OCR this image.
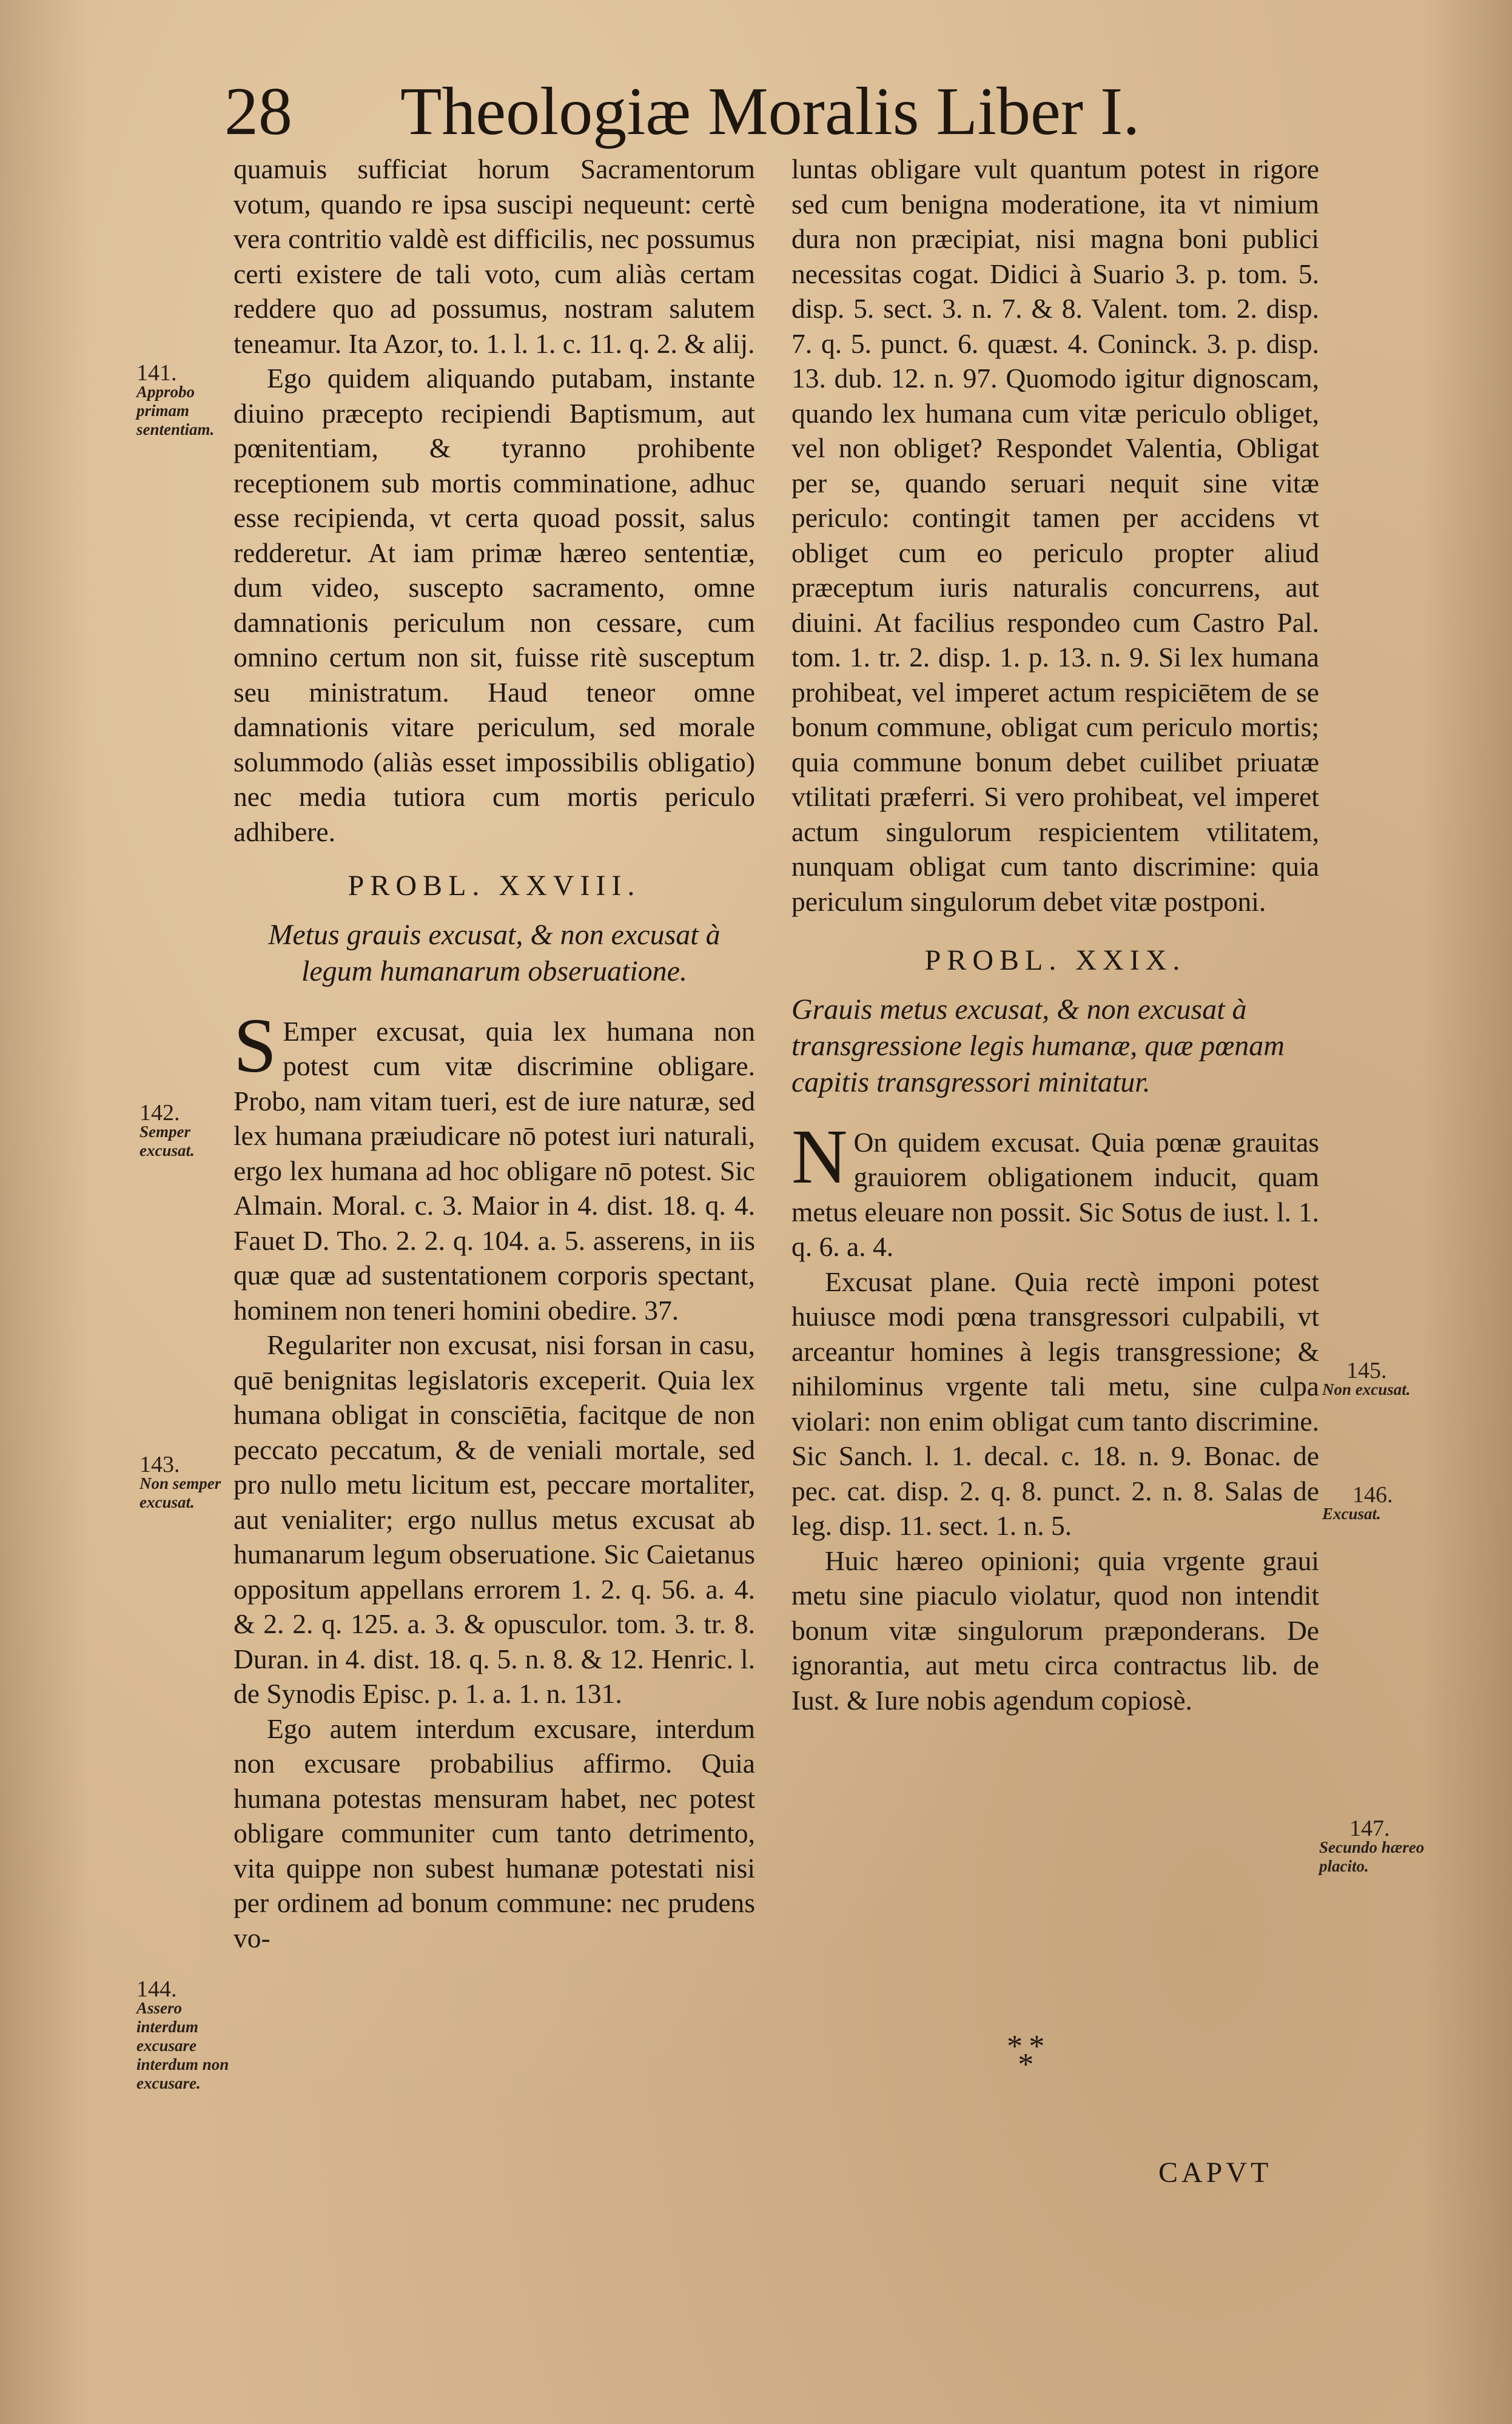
28 Theologiæ Moralis Liber I.

quamuis sufficiat horum Sacramentorum votum, quando re ipsa suscipi nequeunt: certè vera contritio valdè est difficilis, nec possumus certi existere de tali voto, cum aliàs certam reddere quo ad possumus, nostram salutem teneamur. Ita Azor, to. 1. l. 1. c. 11. q. 2. & alij.

Ego quidem aliquando putabam, instante diuino præcepto recipiendi Baptismum, aut pœnitentiam, & tyranno prohibente receptionem sub mortis comminatione, adhuc esse recipienda, vt certa quoad possit, salus redderetur. At iam primæ hæreo sententiæ, dum video, suscepto sacramento, omne damnationis periculum non cessare, cum omnino certum non sit, fuisse ritè susceptum seu ministratum. Haud teneor omne damnationis vitare periculum, sed morale solummodo (aliàs esset impossibilis obligatio) nec media tutiora cum mortis periculo adhibere.

PROBL. XXVIII.

Metus grauis excusat, & non excusat à legum humanarum obseruatione.

S Emper excusat, quia lex humana non potest cum vitæ discrimine obligare. Probo, nam vitam tueri, est de iure naturæ, sed lex humana præiudicare nō potest iuri naturali, ergo lex humana ad hoc obligare nō potest. Sic Almain. Moral. c. 3. Maior in 4. dist. 18. q. 4. Fauet D. Tho. 2. 2. q. 104. a. 5. asserens, in iis quæ quæ ad sustentationem corporis spectant, hominem non teneri homini obedire. 37.

Regulariter non excusat, nisi forsan in casu, quē benignitas legislatoris exceperit. Quia lex humana obligat in consciētia, facitque de non peccato peccatum, & de veniali mortale, sed pro nullo metu licitum est, peccare mortaliter, aut venialiter; ergo nullus metus excusat ab humanarum legum obseruatione. Sic Caietanus oppositum appellans errorem 1. 2. q. 56. a. 4. & 2. 2. q. 125. a. 3. & opusculor. tom. 3. tr. 8. Duran. in 4. dist. 18. q. 5. n. 8. & 12. Henric. l. de Synodis Episc. p. 1. a. 1. n. 131.

Ego autem interdum excusare, interdum non excusare probabilius affirmo. Quia humana potestas mensuram habet, nec potest obligare communiter cum tanto detrimento, vita quippe non subest humanæ potestati nisi per ordinem ad bonum commune: nec prudens vo-

luntas obligare vult quantum potest in rigore sed cum benigna moderatione, ita vt nimium dura non præcipiat, nisi magna boni publici necessitas cogat. Didici à Suario 3. p. tom. 5. disp. 5. sect. 3. n. 7. & 8. Valent. tom. 2. disp. 7. q. 5. punct. 6. quæst. 4. Coninck. 3. p. disp. 13. dub. 12. n. 97. Quomodo igitur dignoscam, quando lex humana cum vitæ periculo obliget, vel non obliget? Respondet Valentia, Obligat per se, quando seruari nequit sine vitæ periculo: contingit tamen per accidens vt obliget cum eo periculo propter aliud præceptum iuris naturalis concurrens, aut diuini. At facilius respondeo cum Castro Pal. tom. 1. tr. 2. disp. 1. p. 13. n. 9. Si lex humana prohibeat, vel imperet actum respiciētem de se bonum commune, obligat cum periculo mortis; quia commune bonum debet cuilibet priuatæ vtilitati præferri. Si vero prohibeat, vel imperet actum singulorum respicientem vtilitatem, nunquam obligat cum tanto discrimine: quia periculum singulorum debet vitæ postponi.

PROBL. XXIX.

Grauis metus excusat, & non excusat à transgressione legis humanæ, quæ pœnam capitis transgressori minitatur.

N On quidem excusat. Quia pœnæ grauitas grauiorem obligationem inducit, quam metus eleuare non possit. Sic Sotus de iust. l. 1. q. 6. a. 4.

Excusat plane. Quia rectè imponi potest huiusce modi pœna transgressori culpabili, vt arceantur homines à legis transgressione; & nihilominus vrgente tali metu, sine culpa violari: non enim obligat cum tanto discrimine. Sic Sanch. l. 1. decal. c. 18. n. 9. Bonac. de pec. cat. disp. 2. q. 8. punct. 2. n. 8. Salas de leg. disp. 11. sect. 1. n. 5.

Huic hæreo opinioni; quia vrgente graui metu sine piaculo violatur, quod non intendit bonum vitæ singulorum præponderans. De ignorantia, aut metu circa contractus lib. de Iust. & Iure nobis agendum copiosè.

* *
*
CAPVT
141.
Approbo primam sententiam.
142.
Semper excusat.
143.
Non semper excusat.
144.
Assero interdum excusare interdum non excusare.
145.
Non excusat.
146.
Excusat.
147.
Secundo hæreo placito.
